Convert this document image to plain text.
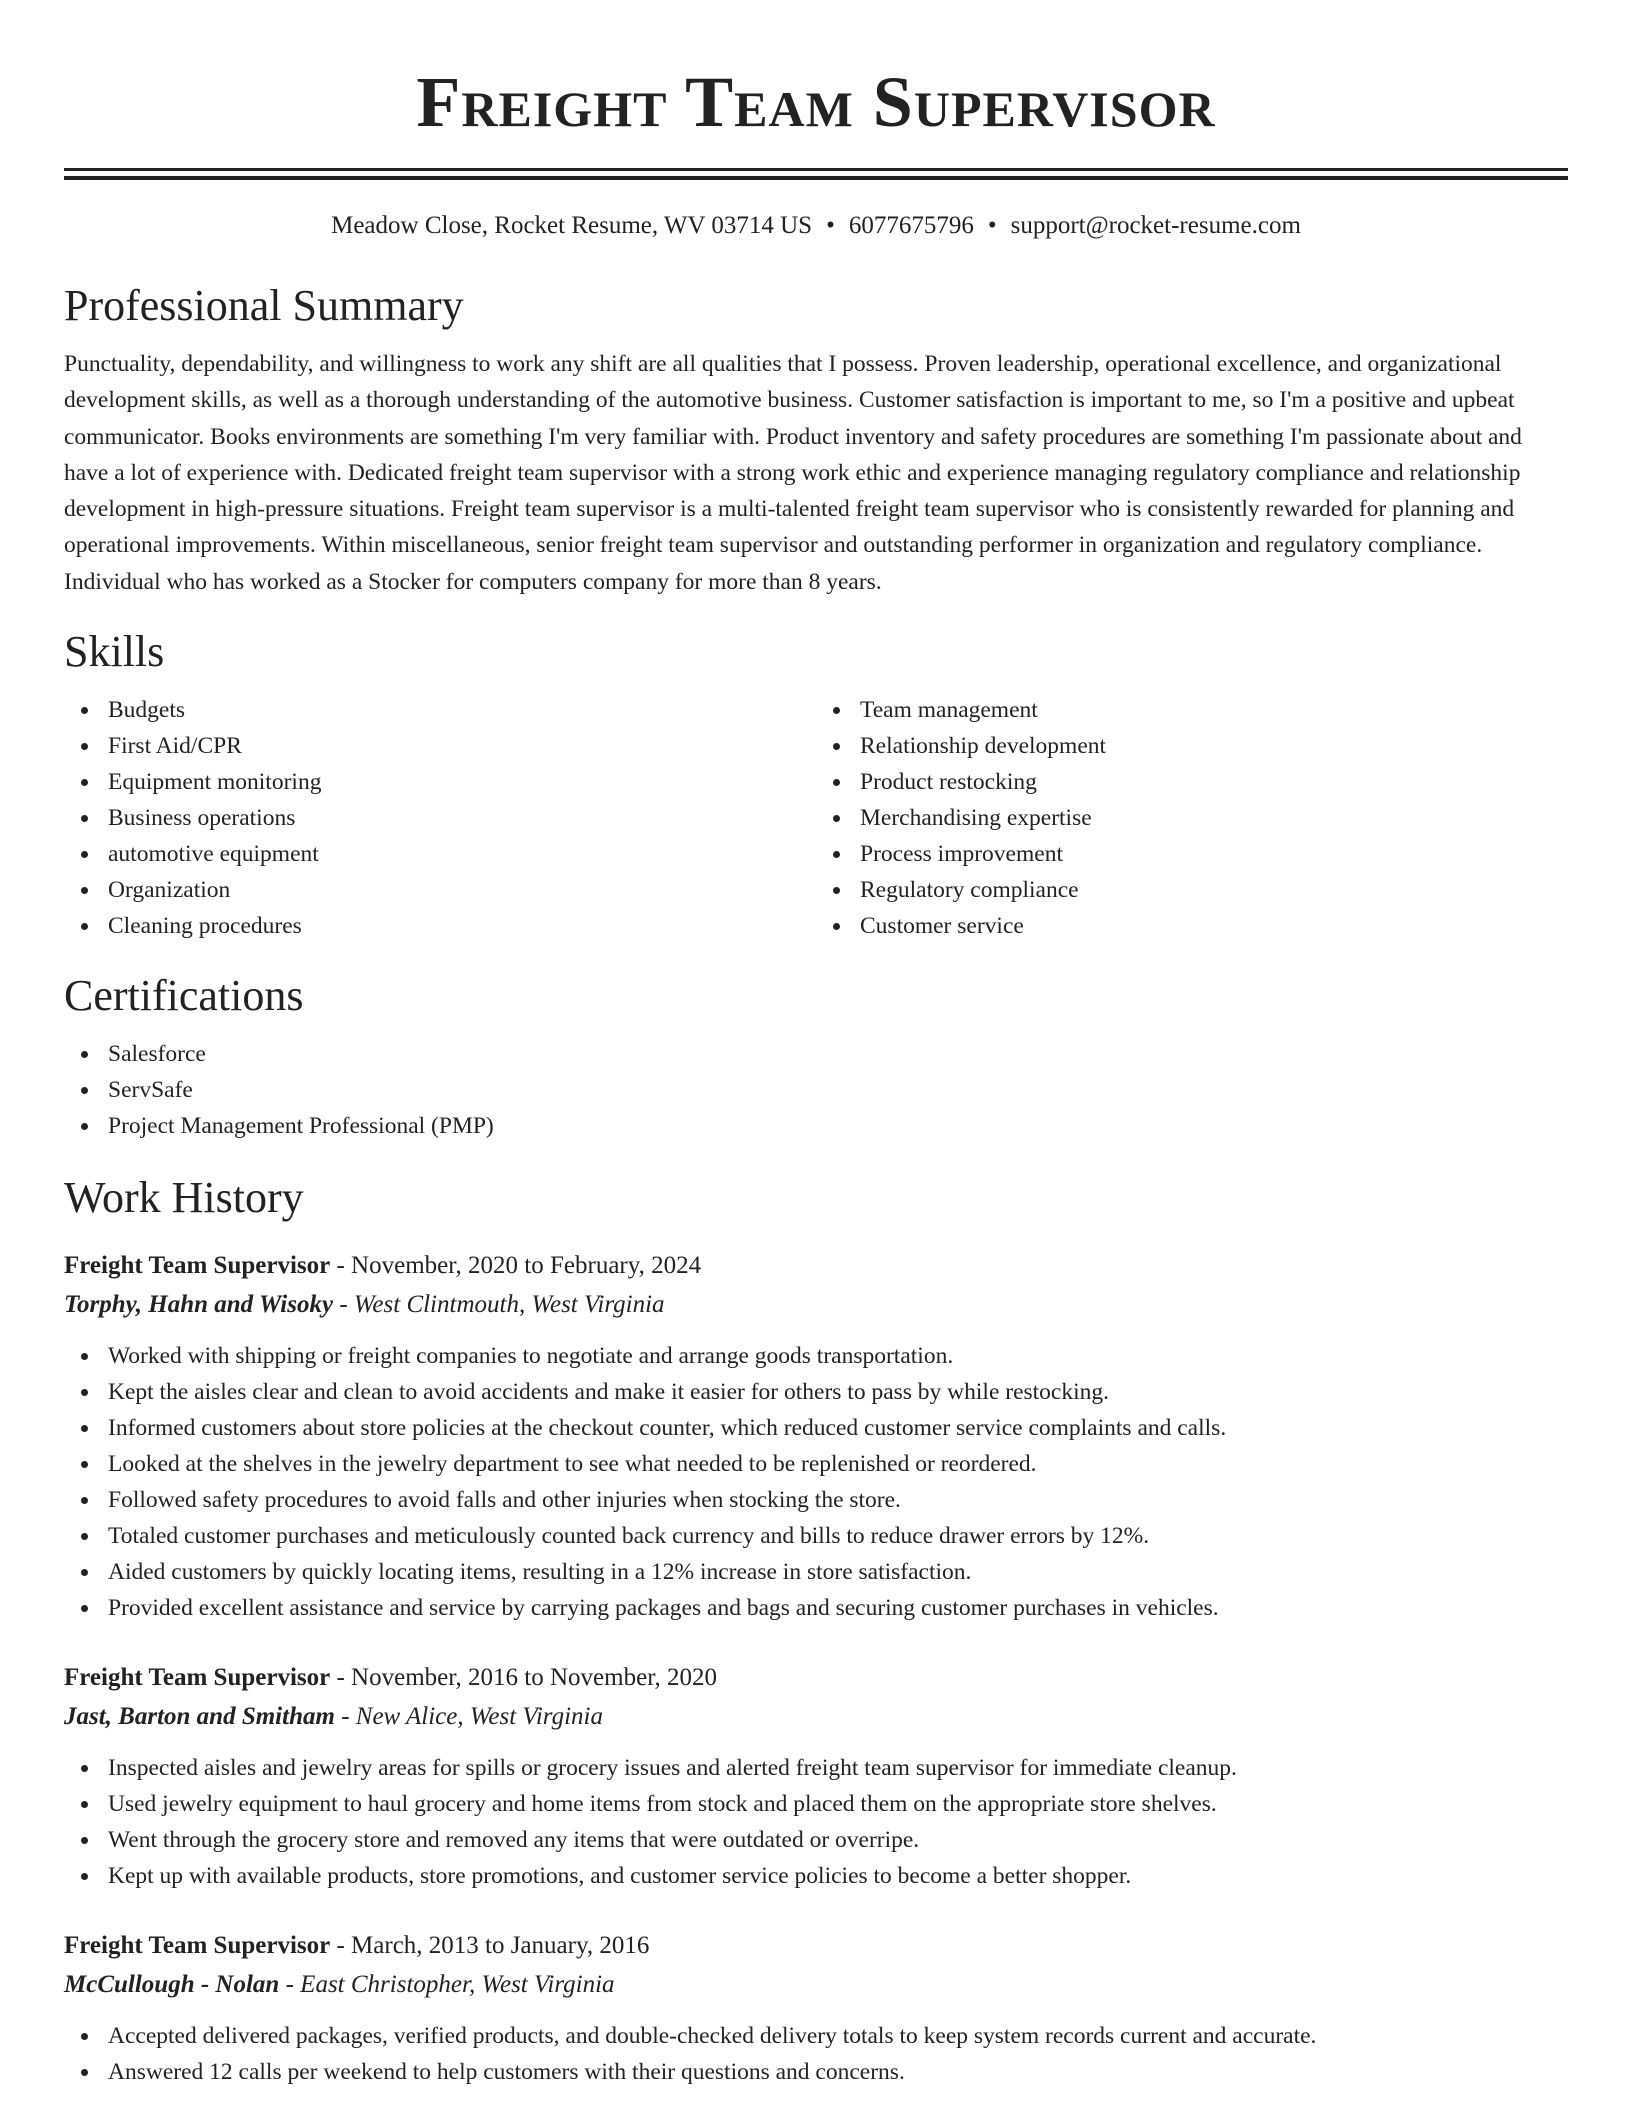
Freight Team Supervisor
Meadow Close, Rocket Resume, WV 03714 US • 6077675796 • support@rocket-resume.com
Professional Summary

Punctuality, dependability, and willingness to work any shift are all qualities that I possess. Proven leadership, operational excellence, and organizational development skills, as well as a thorough understanding of the automotive business. Customer satisfaction is important to me, so I'm a positive and upbeat communicator. Books environments are something I'm very familiar with. Product inventory and safety procedures are something I'm passionate about and have a lot of experience with. Dedicated freight team supervisor with a strong work ethic and experience managing regulatory compliance and relationship development in high-pressure situations. Freight team supervisor is a multi-talented freight team supervisor who is consistently rewarded for planning and operational improvements. Within miscellaneous, senior freight team supervisor and outstanding performer in organization and regulatory compliance. Individual who has worked as a Stocker for computers company for more than 8 years.

Skills
Budgets
First Aid/CPR
Equipment monitoring
Business operations
automotive equipment
Organization
Cleaning procedures
Team management
Relationship development
Product restocking
Merchandising expertise
Process improvement
Regulatory compliance
Customer service
Certifications
Salesforce
ServSafe
Project Management Professional (PMP)
Work History
Freight Team Supervisor - November, 2020 to February, 2024
Torphy, Hahn and Wisoky - West Clintmouth, West Virginia
Worked with shipping or freight companies to negotiate and arrange goods transportation.
Kept the aisles clear and clean to avoid accidents and make it easier for others to pass by while restocking.
Informed customers about store policies at the checkout counter, which reduced customer service complaints and calls.
Looked at the shelves in the jewelry department to see what needed to be replenished or reordered.
Followed safety procedures to avoid falls and other injuries when stocking the store.
Totaled customer purchases and meticulously counted back currency and bills to reduce drawer errors by 12%.
Aided customers by quickly locating items, resulting in a 12% increase in store satisfaction.
Provided excellent assistance and service by carrying packages and bags and securing customer purchases in vehicles.
Freight Team Supervisor - November, 2016 to November, 2020
Jast, Barton and Smitham - New Alice, West Virginia
Inspected aisles and jewelry areas for spills or grocery issues and alerted freight team supervisor for immediate cleanup.
Used jewelry equipment to haul grocery and home items from stock and placed them on the appropriate store shelves.
Went through the grocery store and removed any items that were outdated or overripe.
Kept up with available products, store promotions, and customer service policies to become a better shopper.
Freight Team Supervisor - March, 2013 to January, 2016
McCullough - Nolan - East Christopher, West Virginia
Accepted delivered packages, verified products, and double-checked delivery totals to keep system records current and accurate.
Answered 12 calls per weekend to help customers with their questions and concerns.
